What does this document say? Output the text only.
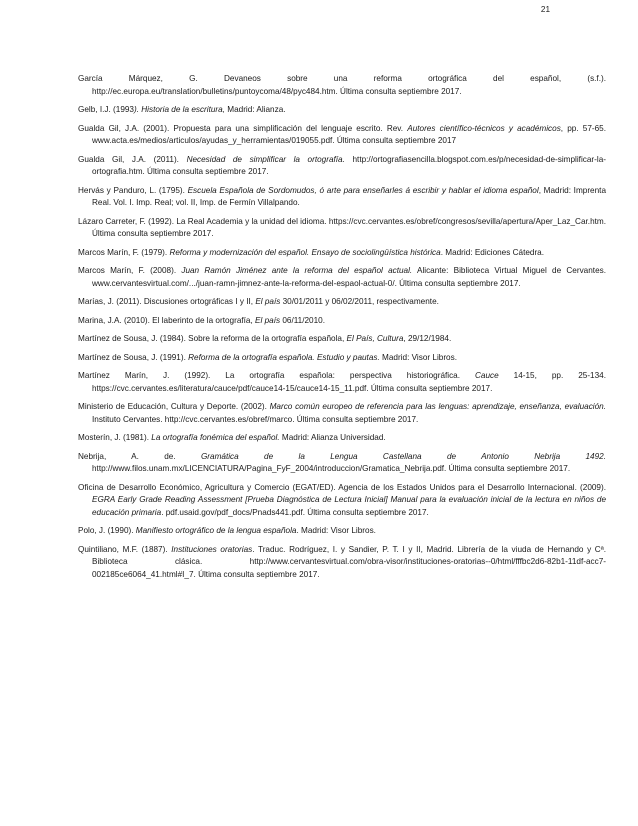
21

García Márquez, G. Devaneos sobre una reforma ortográfica del español, (s.f.). http://ec.europa.eu/translation/bulletins/puntoycoma/48/pyc484.htm. Última consulta septiembre 2017.

Gelb, I.J. (1993). Historia de la escritura, Madrid: Alianza.

Gualda Gil, J.A. (2001). Propuesta para una simplificación del lenguaje escrito. Rev. Autores científico-técnicos y académicos, pp. 57-65. www.acta.es/medios/articulos/ayudas_y_herramientas/019055.pdf. Última consulta septiembre 2017

Gualda Gil, J.A. (2011). Necesidad de simplificar la ortografía. http://ortografiasencilla.blogspot.com.es/p/necesidad-de-simplificar-la-ortografia.htm. Última consulta septiembre 2017.

Hervás y Panduro, L. (1795). Escuela Española de Sordomudos, ó arte para enseñarles á escribir y hablar el idioma español, Madrid: Imprenta Real. Vol. I. Imp. Real; vol. II, Imp. de Fermín Villalpando.

Lázaro Carreter, F. (1992). La Real Academia y la unidad del idioma. https://cvc.cervantes.es/obref/congresos/sevilla/apertura/Aper_Laz_Car.htm. Última consulta septiembre 2017.

Marcos Marín, F. (1979). Reforma y modernización del español. Ensayo de sociolingüística histórica. Madrid: Ediciones Cátedra.

Marcos Marín, F. (2008). Juan Ramón Jiménez ante la reforma del español actual. Alicante: Biblioteca Virtual Miguel de Cervantes. www.cervantesvirtual.com/.../juan-ramn-jimnez-ante-la-reforma-del-espaol-actual-0/. Última consulta septiembre 2017.

Marías, J. (2011). Discusiones ortográficas I y II, El país 30/01/2011 y 06/02/2011, respectivamente.

Marina, J.A. (2010). El laberinto de la ortografía, El país 06/11/2010.

Martínez de Sousa, J. (1984). Sobre la reforma de la ortografía española, El País, Cultura, 29/12/1984.

Martínez de Sousa, J. (1991). Reforma de la ortografía española. Estudio y pautas. Madrid: Visor Libros.

Martínez Marín, J. (1992). La ortografía española: perspectiva historiográfica. Cauce 14-15, pp. 25-134. https://cvc.cervantes.es/literatura/cauce/pdf/cauce14-15/cauce14-15_11.pdf. Última consulta septiembre 2017.

Ministerio de Educación, Cultura y Deporte. (2002). Marco común europeo de referencia para las lenguas: aprendizaje, enseñanza, evaluación. Instituto Cervantes. http://cvc.cervantes.es/obref/marco. Última consulta septiembre 2017.

Mosterín, J. (1981). La ortografía fonémica del español. Madrid: Alianza Universidad.

Nebrija, A. de. Gramática de la Lengua Castellana de Antonio Nebrija 1492. http://www.filos.unam.mx/LICENCIATURA/Pagina_FyF_2004/introduccion/Gramatica_Nebrija.pdf. Última consulta septiembre 2017.

Oficina de Desarrollo Económico, Agricultura y Comercio (EGAT/ED). Agencia de los Estados Unidos para el Desarrollo Internacional. (2009). EGRA Early Grade Reading Assessment [Prueba Diagnóstica de Lectura Inicial] Manual para la evaluación inicial de la lectura en niños de educación primaria. pdf.usaid.gov/pdf_docs/Pnads441.pdf. Última consulta septiembre 2017.

Polo, J. (1990). Manifiesto ortográfico de la lengua española. Madrid: Visor Libros.

Quintiliano, M.F. (1887). Instituciones oratorias. Traduc. Rodríguez, I. y Sandier, P. T. I y II, Madrid. Librería de la viuda de Hernando y Cª. Biblioteca clásica. http://www.cervantesvirtual.com/obra-visor/instituciones-oratorias--0/html/fffbc2d6-82b1-11df-acc7-002185ce6064_41.html#I_7. Última consulta septiembre 2017.
